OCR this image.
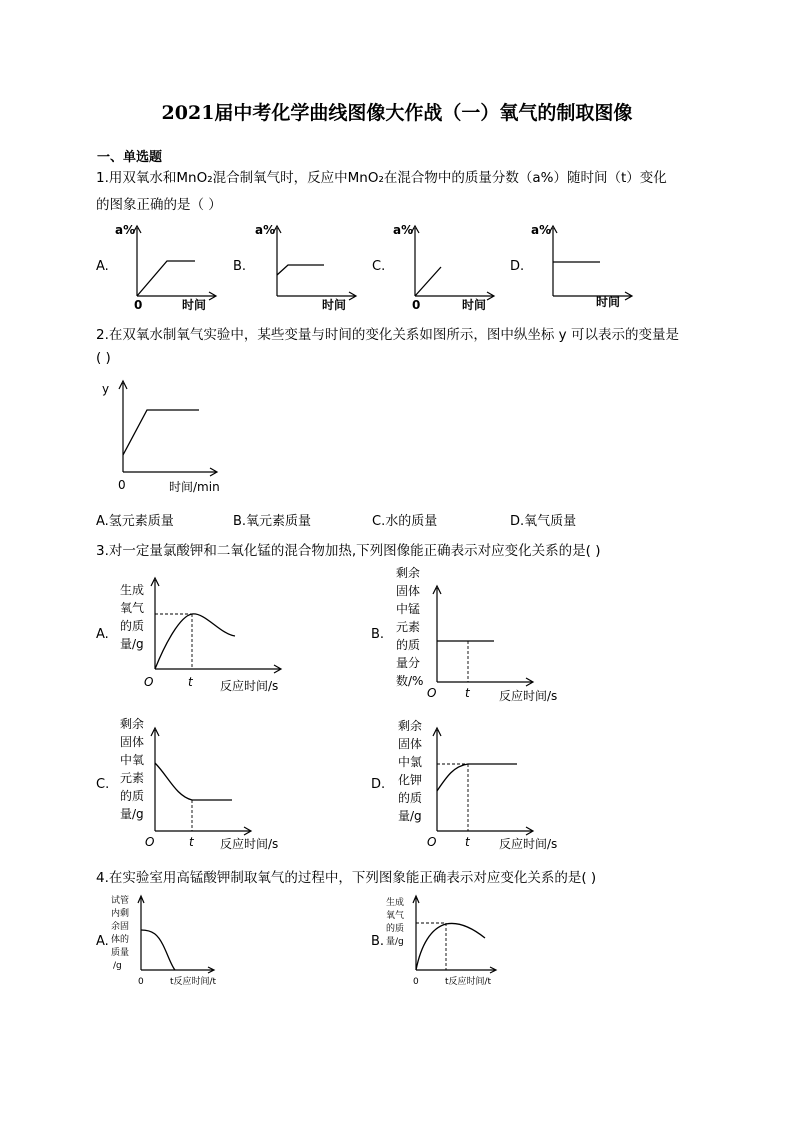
2021届中考化学曲线图像大作战（一）氧气的制取图像
一、单选题
1.用双氧水和MnO₂混合制氧气时，反应中MnO₂在混合物中的质量分数（a%）随时间（t）变化
的图象正确的是（ ）
A.	B.	C.	D.
a%
0	时间
a%
时间
a%
0	时间
a%
时间
2.在双氧水制氧气实验中，某些变量与时间的变化关系如图所示，图中纵坐标 y 可以表示的变量是
( )
y
0	时间/min
A.氢元素质量	B.氧元素质量	C.水的质量	D.氧气质量
3.对一定量氯酸钾和二氧化锰的混合物加热,下列图像能正确表示对应变化关系的是( )
A.	B.
C.	D.
生成
氧气
的质
量/g
O	t 反应时间/s
剩余
固体
中锰
元素
的质
量分
数/%
O t 反应时间/s
剩余
固体
中氧
元素
的质
量/g
O	t 反应时间/s
剩余
固体
中氯
化钾
的质
量/g
O t 反应时间/s
4.在实验室用高锰酸钾制取氧气的过程中，下列图象能正确表示对应变化关系的是( )
A.	B.
试管
内剩
余固
体的
质量
/g
0	t反应时间/t
生成
氧气
的质
量/g
0	t反应时间/t
